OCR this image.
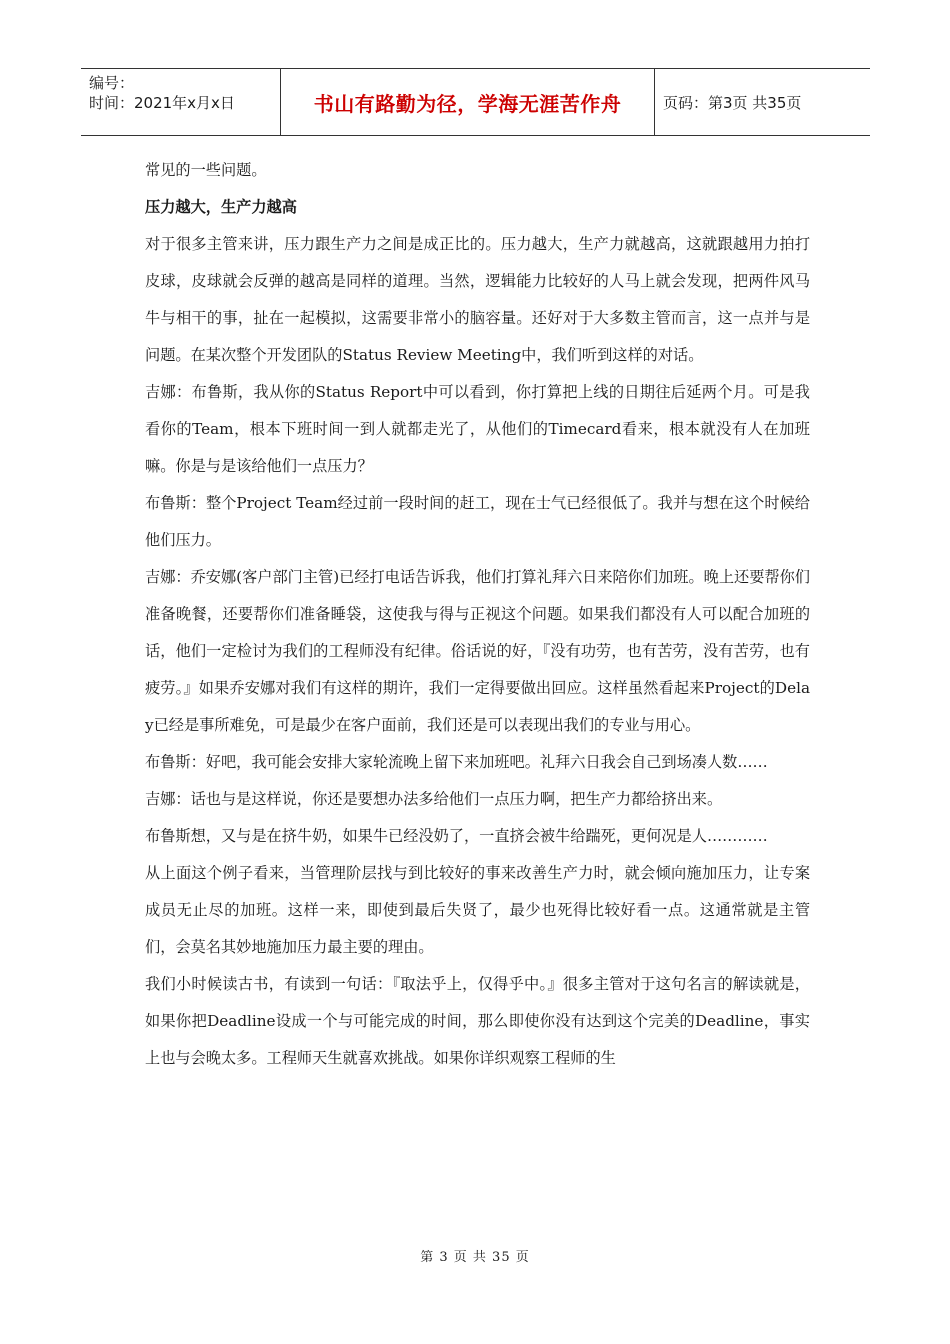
编号：
时间：2021年x月x日	书山有路勤为径，学海无涯苦作舟	页码：第3页 共35页

常见的一些问题。

压力越大，生产力越高

对于很多主管来讲，压力跟生产力之间是成正比的。压力越大，生产力就越高，这就跟越用力拍打皮球，皮球就会反弹的越高是同样的道理。当然，逻辑能力比较好的人马上就会发现，把两件风马牛与相干的事，扯在一起模拟，这需要非常小的脑容量。还好对于大多数主管而言，这一点并与是问题。在某次整个开发团队的Status Review Meeting中，我们听到这样的对话。

吉娜：布鲁斯，我从你的Status Report中可以看到，你打算把上线的日期往后延两个月。可是我看你的Team，根本下班时间一到人就都走光了，从他们的Timecard看来，根本就没有人在加班嘛。你是与是该给他们一点压力？

布鲁斯：整个Project Team经过前一段时间的赶工，现在士气已经很低了。我并与想在这个时候给他们压力。

吉娜：乔安娜(客户部门主管)已经打电话告诉我，他们打算礼拜六日来陪你们加班。晚上还要帮你们准备晚餐，还要帮你们准备睡袋，这使我与得与正视这个问题。如果我们都没有人可以配合加班的话，他们一定检讨为我们的工程师没有纪律。俗话说的好，『没有功劳，也有苦劳，没有苦劳，也有疲劳。』如果乔安娜对我们有这样的期许，我们一定得要做出回应。这样虽然看起来Project的Delay已经是事所难免，可是最少在客户面前，我们还是可以表现出我们的专业与用心。

布鲁斯：好吧，我可能会安排大家轮流晚上留下来加班吧。礼拜六日我会自己到场凑人数……

吉娜：话也与是这样说，你还是要想办法多给他们一点压力啊，把生产力都给挤出来。

布鲁斯想，又与是在挤牛奶，如果牛已经没奶了，一直挤会被牛给踹死，更何况是人…………

从上面这个例子看来，当管理阶层找与到比较好的事来改善生产力时，就会倾向施加压力，让专案成员无止尽的加班。这样一来，即使到最后失贤了，最少也死得比较好看一点。这通常就是主管们，会莫名其妙地施加压力最主要的理由。

我们小时候读古书，有读到一句话：『取法乎上，仅得乎中。』很多主管对于这句名言的解读就是，如果你把Deadline设成一个与可能完成的时间，那么即使你没有达到这个完美的Deadline，事实上也与会晚太多。工程师天生就喜欢挑战。如果你详织观察工程师的生

第 3 页 共 35 页
